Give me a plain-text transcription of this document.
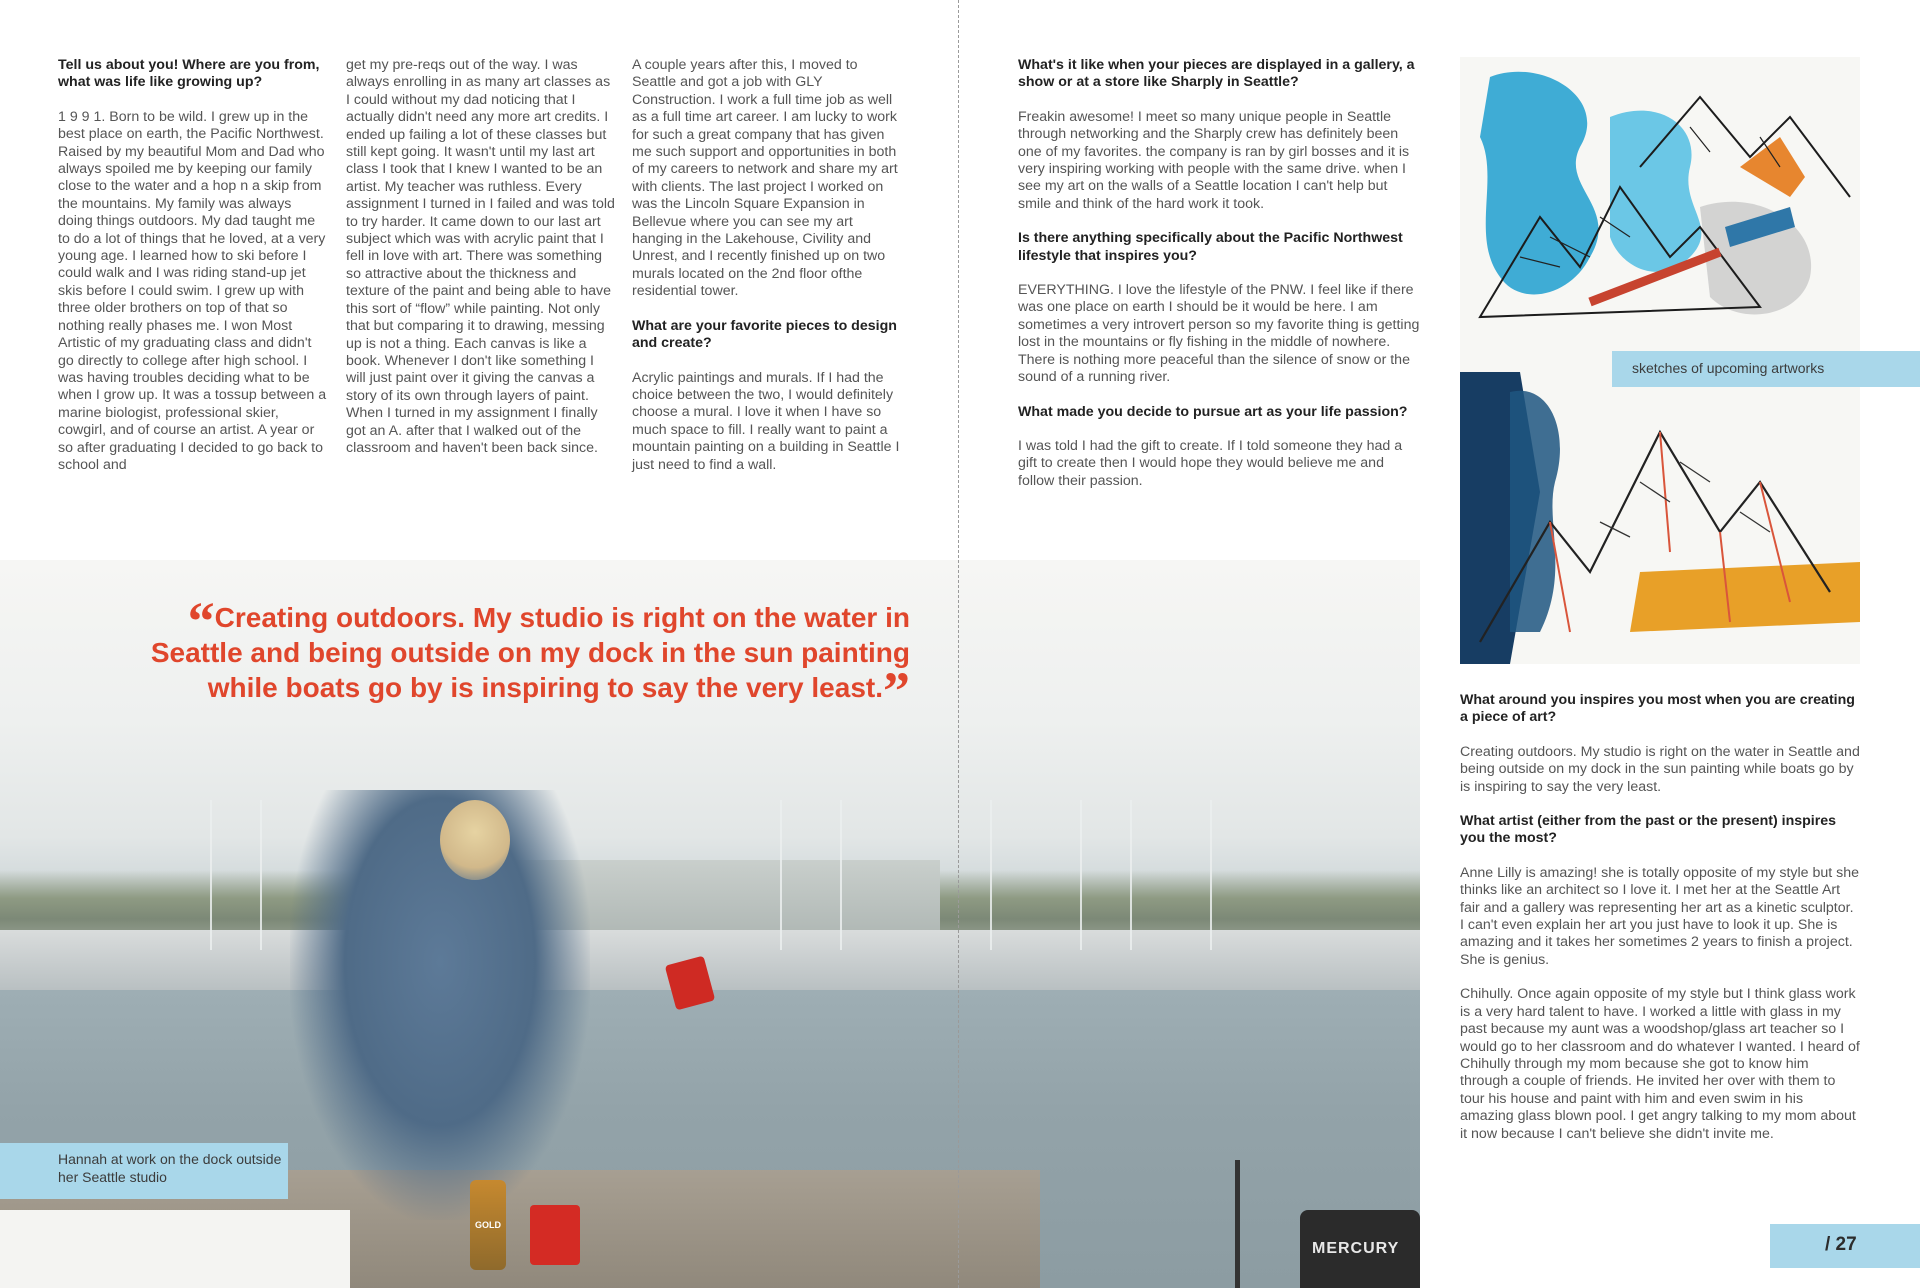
GOLD
MERCURY

Tell us about you! Where are you from, what was life like growing up?

1 9 9 1. Born to be wild. I grew up in the best place on earth, the Pacific Northwest. Raised by my beautiful Mom and Dad who always spoiled me by keeping our family close to the water and a hop n a skip from the mountains. My family was always doing things outdoors. My dad taught me to do a lot of things that he loved, at a very young age. I learned how to ski before I could walk and I was riding stand-up jet skis before I could swim. I grew up with three older brothers on top of that so nothing really phases me. I won Most Artistic of my graduating class and didn't go directly to college after high school. I was having troubles deciding what to be when I grow up. It was a tossup between a marine biologist, professional skier, cowgirl, and of course an artist. A year or so after graduating I decided to go back to school and

get my pre-reqs out of the way. I was always enrolling in as many art classes as I could without my dad noticing that I actually didn't need any more art credits. I ended up failing a lot of these classes but still kept going. It wasn't until my last art class I took that I knew I wanted to be an artist. My teacher was ruthless. Every assignment I turned in I failed and was told to try harder. It came down to our last art subject which was with acrylic paint that I fell in love with art. There was something so attractive about the thickness and texture of the paint and being able to have this sort of “flow” while painting. Not only that but comparing it to drawing, messing up is not a thing. Each canvas is like a book. Whenever I don't like something I will just paint over it giving the canvas a story of its own through layers of paint. When I turned in my assignment I finally got an A. after that I walked out of the classroom and haven't been back since.

A couple years after this, I moved to Seattle and got a job with GLY Construction. I work a full time job as well as a full time art career. I am lucky to work for such a great company that has given me such support and opportunities in both of my careers to network and share my art with clients. The last project I worked on was the Lincoln Square Expansion in Bellevue where you can see my art hanging in the Lakehouse, Civility and Unrest, and I recently finished up on two murals located on the 2nd floor ofthe residential tower.

What are your favorite pieces to design and create?

Acrylic paintings and murals. If I had the choice between the two, I would definitely choose a mural. I love it when I have so much space to fill. I really want to paint a mountain painting on a building in Seattle I just need to find a wall.

“Creating outdoors. My studio is right on the water in Seattle and being outside on my dock in the sun painting while boats go by is inspiring to say the very least.”
Hannah at work on the dock outside her Seattle studio

What's it like when your pieces are displayed in a gallery, a show or at a store like Sharply in Seattle?

Freakin awesome! I meet so many unique people in Seattle through networking and the Sharply crew has definitely been one of my favorites. the company is ran by girl bosses and it is very inspiring working with people with the same drive. when I see my art on the walls of a Seattle location I can't help but smile and think of the hard work it took.

Is there anything specifically about the Pacific Northwest lifestyle that inspires you?

EVERYTHING. I love the lifestyle of the PNW. I feel like if there was one place on earth I should be it would be here. I am sometimes a very introvert person so my favorite thing is getting lost in the mountains or fly fishing in the middle of nowhere. There is nothing more peaceful than the silence of snow or the sound of a running river.

What made you decide to pursue art as your life passion?

I was told I had the gift to create. If I told someone they had a gift to create then I would hope they would believe me and follow their passion.

sketches of upcoming artworks

What around you inspires you most when you are creating a piece of art?

Creating outdoors. My studio is right on the water in Seattle and being outside on my dock in the sun painting while boats go by is inspiring to say the very least.

What artist (either from the past or the present) inspires you the most?

Anne Lilly is amazing! she is totally opposite of my style but she thinks like an architect so I love it. I met her at the Seattle Art fair and a gallery was representing her art as a kinetic sculptor. I can't even explain her art you just have to look it up. She is amazing and it takes her sometimes 2 years to finish a project. She is genius.

Chihully. Once again opposite of my style but I think glass work is a very hard talent to have. I worked a little with glass in my past because my aunt was a woodshop/glass art teacher so I would go to her classroom and do whatever I wanted. I heard of Chihully through my mom because she got to know him through a couple of friends. He invited her over with them to tour his house and paint with him and even swim in his amazing glass blown pool. I get angry talking to my mom about it now because I can't believe she didn't invite me.

/ 27
